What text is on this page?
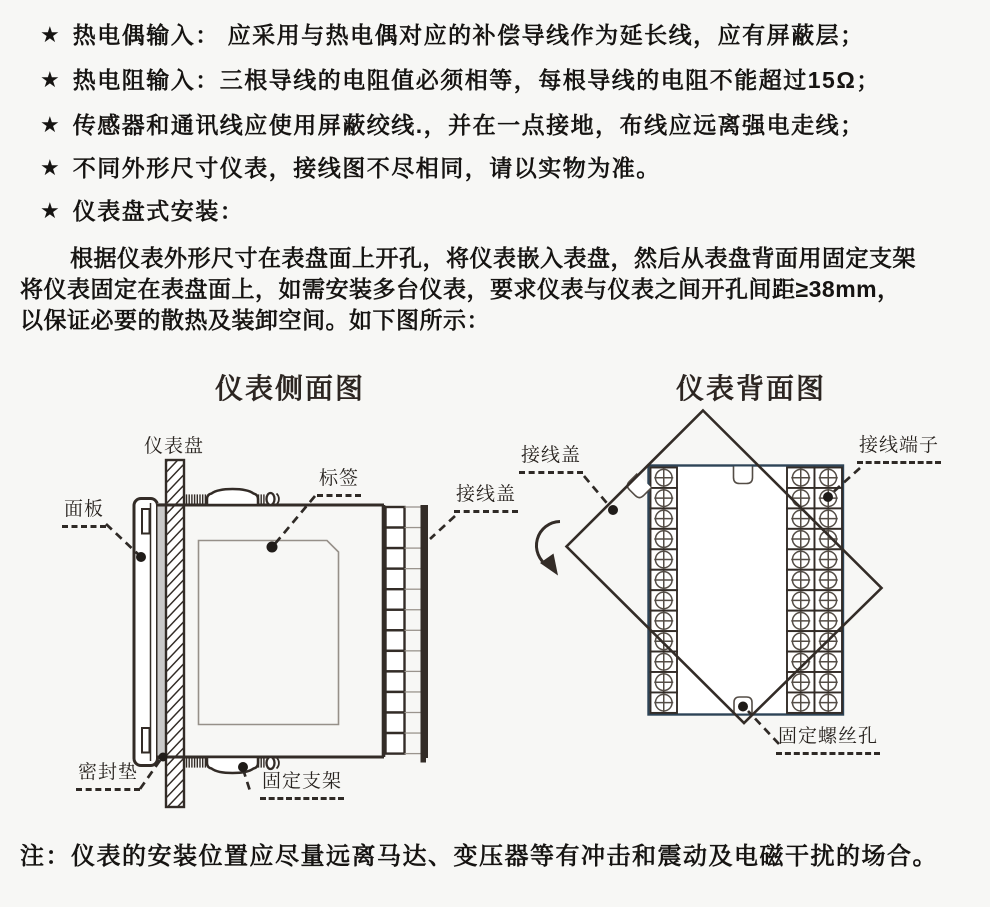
★ 热电偶输入： 应采用与热电偶对应的补偿导线作为延长线，应有屏蔽层；
★ 热电阻输入：三根导线的电阻值必须相等，每根导线的电阻不能超过15Ω；
★ 传感器和通讯线应使用屏蔽绞线.，并在一点接地，布线应远离强电走线；
★ 不同外形尺寸仪表，接线图不尽相同，请以实物为准。
★ 仪表盘式安装：
根据仪表外形尺寸在表盘面上开孔，将仪表嵌入表盘，然后从表盘背面用固定支架
将仪表固定在表盘面上，如需安装多台仪表，要求仪表与仪表之间开孔间距≥38mm，
以保证必要的散热及装卸空间。如下图所示：
仪表侧面图	仪表背面图
仪表盘
面板
标签
接线盖
密封垫	固定支架
接线盖	接线端子
固定螺丝孔
注：仪表的安装位置应尽量远离马达、变压器等有冲击和震动及电磁干扰的场合。
